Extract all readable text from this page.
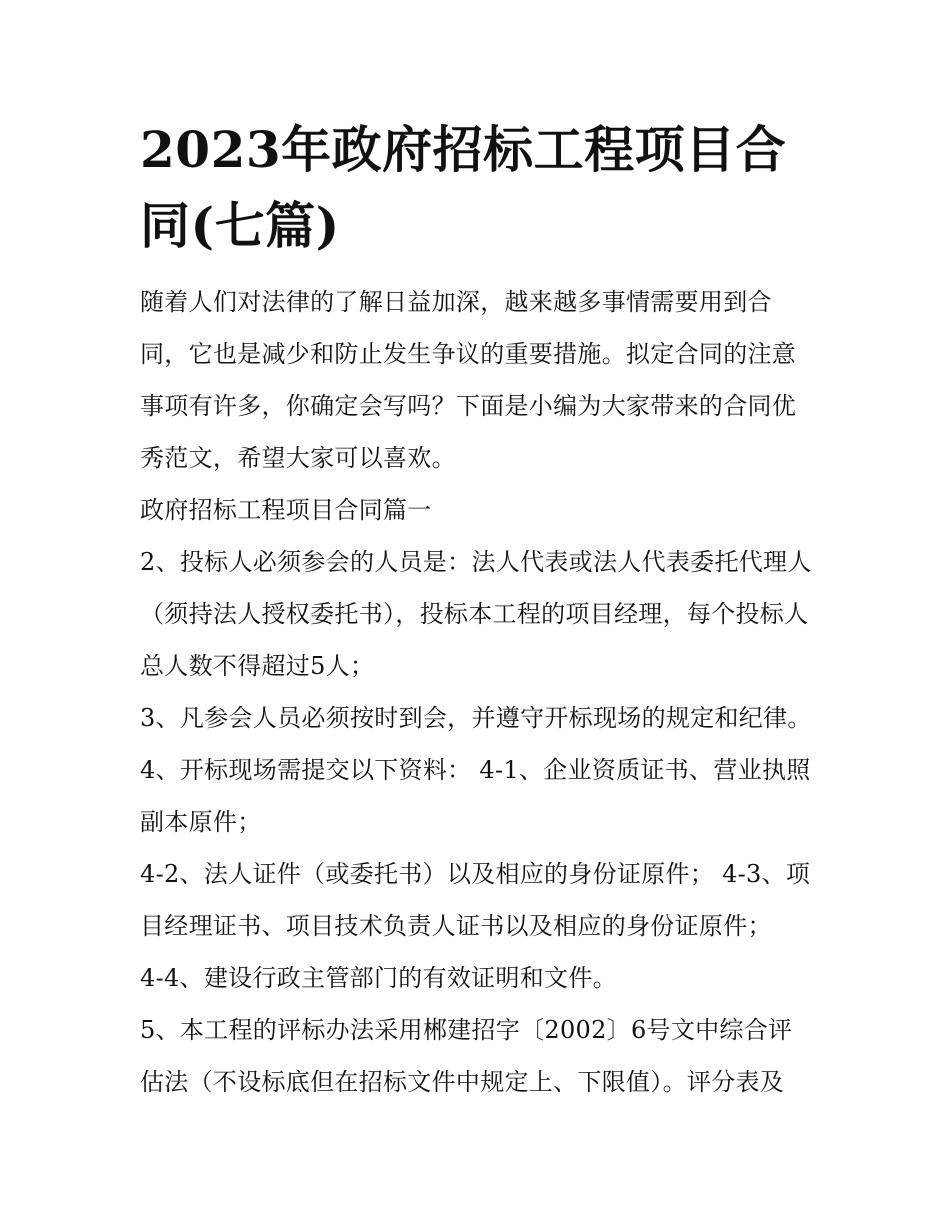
2023年政府招标工程项目合同(七篇)

随着人们对法律的了解日益加深，越来越多事情需要用到合同，它也是减少和防止发生争议的重要措施。拟定合同的注意事项有许多，你确定会写吗？下面是小编为大家带来的合同优秀范文，希望大家可以喜欢。

政府招标工程项目合同篇一

2、投标人必须参会的人员是：法人代表或法人代表委托代理人（须持法人授权委托书），投标本工程的项目经理，每个投标人总人数不得超过5人；

3、凡参会人员必须按时到会，并遵守开标现场的规定和纪律。 4、开标现场需提交以下资料： 4-1、企业资质证书、营业执照副本原件；

4-2、法人证件（或委托书）以及相应的身份证原件； 4-3、项目经理证书、项目技术负责人证书以及相应的身份证原件；

4-4、建设行政主管部门的有效证明和文件。

5、本工程的评标办法采用郴建招字〔2002〕6号文中综合评估法（不设标底但在招标文件中规定上、下限值）。评分表及
